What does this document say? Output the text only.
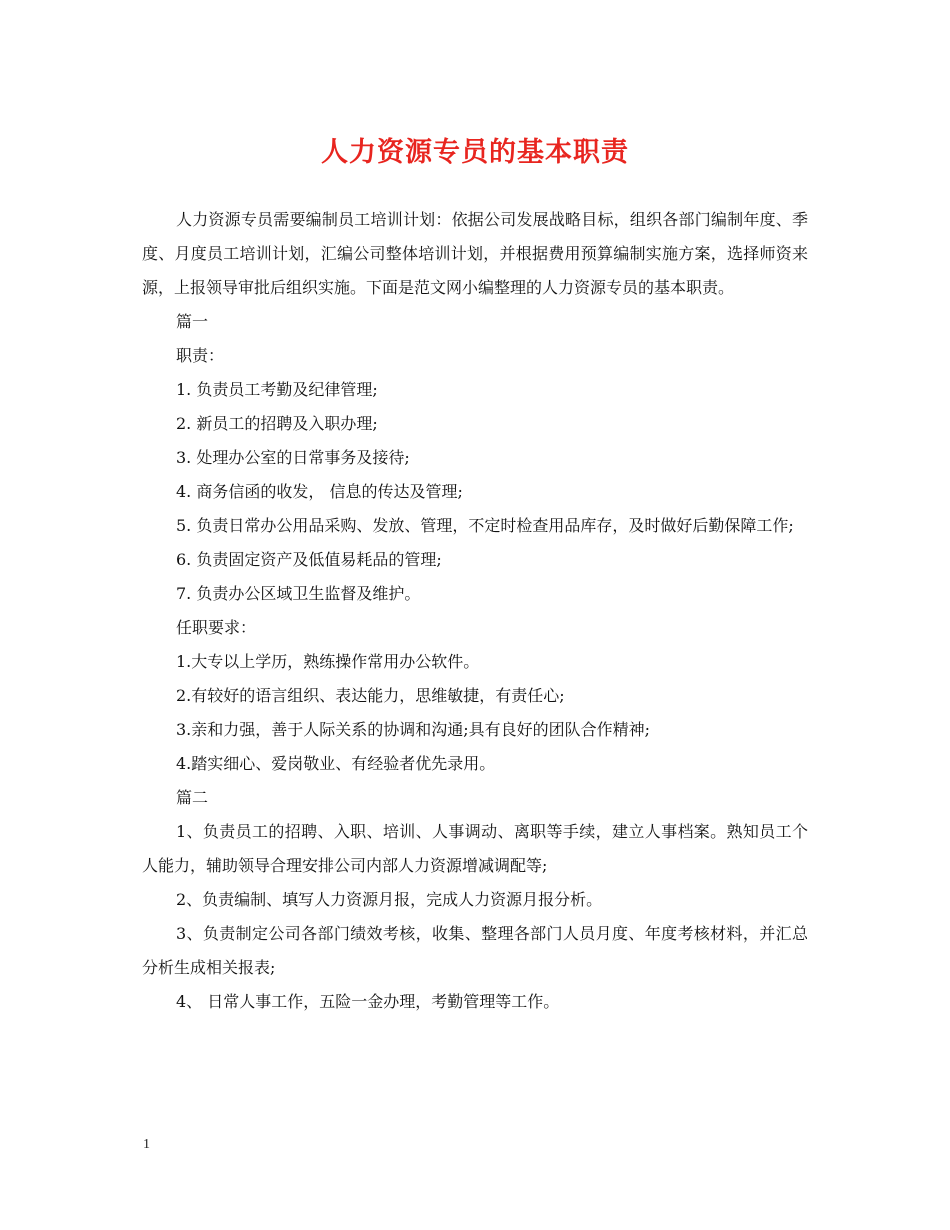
人力资源专员的基本职责

人力资源专员需要编制员工培训计划：依据公司发展战略目标，组织各部门编制年度、季度、月度员工培训计划，汇编公司整体培训计划，并根据费用预算编制实施方案，选择师资来源，上报领导审批后组织实施。下面是范文网小编整理的人力资源专员的基本职责。

篇一

职责：

1. 负责员工考勤及纪律管理;

2. 新员工的招聘及入职办理;

3. 处理办公室的日常事务及接待;

4. 商务信函的收发， 信息的传达及管理;

5. 负责日常办公用品采购、发放、管理，不定时检查用品库存，及时做好后勤保障工作;

6. 负责固定资产及低值易耗品的管理;

7. 负责办公区域卫生监督及维护。

任职要求：

1.大专以上学历，熟练操作常用办公软件。

2.有较好的语言组织、表达能力，思维敏捷，有责任心;

3.亲和力强，善于人际关系的协调和沟通;具有良好的团队合作精神;

4.踏实细心、爱岗敬业、有经验者优先录用。

篇二

1、负责员工的招聘、入职、培训、人事调动、离职等手续，建立人事档案。熟知员工个人能力，辅助领导合理安排公司内部人力资源增减调配等;

2、负责编制、填写人力资源月报，完成人力资源月报分析。

3、负责制定公司各部门绩效考核，收集、整理各部门人员月度、年度考核材料，并汇总分析生成相关报表;

4、 日常人事工作，五险一金办理，考勤管理等工作。

1
